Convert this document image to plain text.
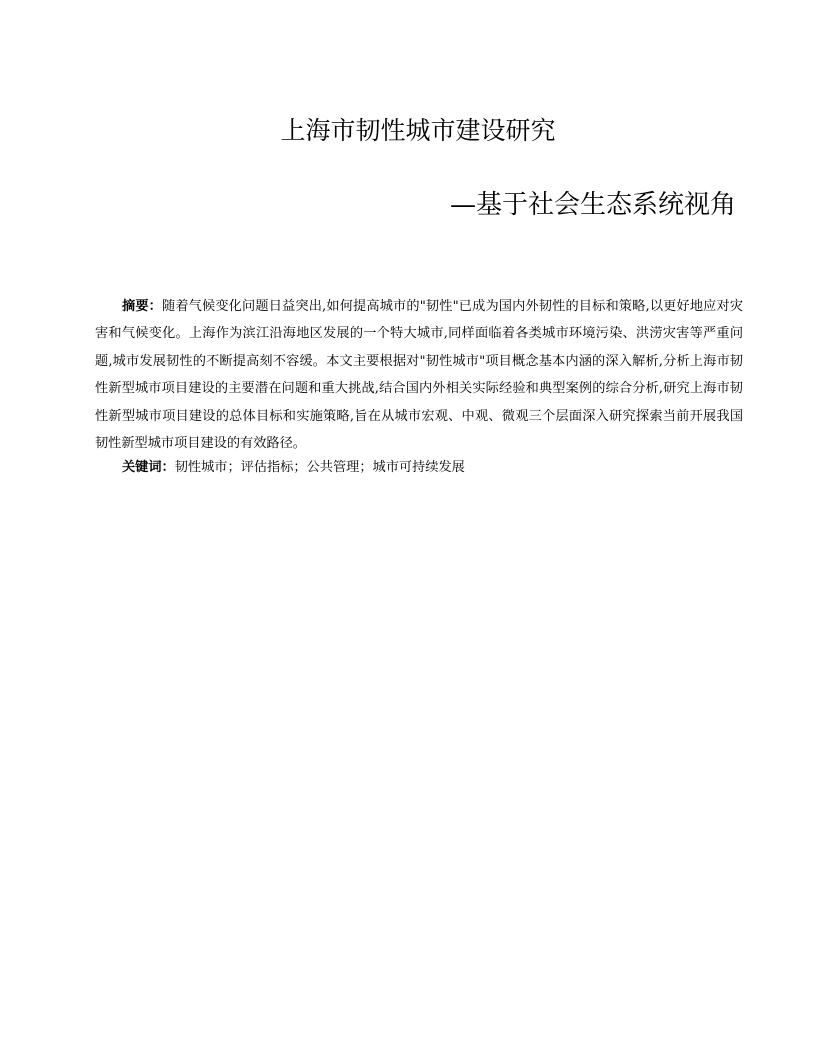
上海市韧性城市建设研究
—基于社会生态系统视角

摘要：随着气候变化问题日益突出,如何提高城市的"韧性"已成为国内外韧性的目标和策略,以更好地应对灾害和气候变化。上海作为滨江沿海地区发展的一个特大城市,同样面临着各类城市环境污染、洪涝灾害等严重问题,城市发展韧性的不断提高刻不容缓。本文主要根据对"韧性城市"项目概念基本内涵的深入解析,分析上海市韧性新型城市项目建设的主要潜在问题和重大挑战,结合国内外相关实际经验和典型案例的综合分析,研究上海市韧性新型城市项目建设的总体目标和实施策略,旨在从城市宏观、中观、微观三个层面深入研究探索当前开展我国韧性新型城市项目建设的有效路径。

关键词：韧性城市；评估指标；公共管理；城市可持续发展
